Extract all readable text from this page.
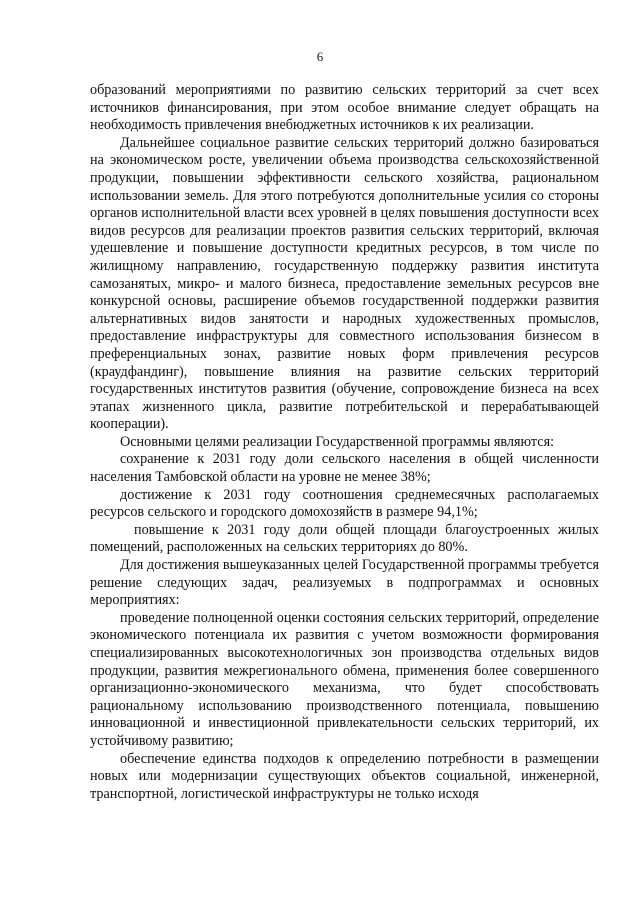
6

образований мероприятиями по развитию сельских территорий за счет всех источников финансирования, при этом особое внимание следует обращать на необходимость привлечения внебюджетных источников к их реализации.

Дальнейшее социальное развитие сельских территорий должно базироваться на экономическом росте, увеличении объема производства сельскохозяйственной продукции, повышении эффективности сельского хозяйства, рациональном использовании земель. Для этого потребуются дополнительные усилия со стороны органов исполнительной власти всех уровней в целях повышения доступности всех видов ресурсов для реализации проектов развития сельских территорий, включая удешевление и повышение доступности кредитных ресурсов, в том числе по жилищному направлению, государственную поддержку развития института самозанятых, микро- и малого бизнеса, предоставление земельных ресурсов вне конкурсной основы, расширение объемов государственной поддержки развития альтернативных видов занятости и народных художественных промыслов, предоставление инфраструктуры для совместного использования бизнесом в преференциальных зонах, развитие новых форм привлечения ресурсов (краудфандинг), повышение влияния на развитие сельских территорий государственных институтов развития (обучение, сопровождение бизнеса на всех этапах жизненного цикла, развитие потребительской и перерабатывающей кооперации).

Основными целями реализации Государственной программы являются:

сохранение к 2031 году доли сельского населения в общей численности населения Тамбовской области на уровне не менее 38%;

достижение к 2031 году соотношения среднемесячных располагаемых ресурсов сельского и городского домохозяйств в размере 94,1%;

повышение к 2031 году доли общей площади благоустроенных жилых помещений, расположенных на сельских территориях до 80%.

Для достижения вышеуказанных целей Государственной программы требуется решение следующих задач, реализуемых в подпрограммах и основных мероприятиях:

проведение полноценной оценки состояния сельских территорий, определение экономического потенциала их развития с учетом возможности формирования специализированных высокотехнологичных зон производства отдельных видов продукции, развития межрегионального обмена, применения более совершенного организационно-экономического механизма, что будет способствовать рациональному использованию производственного потенциала, повышению инновационной и инвестиционной привлекательности сельских территорий, их устойчивому развитию;

обеспечение единства подходов к определению потребности в размещении новых или модернизации существующих объектов социальной, инженерной, транспортной, логистической инфраструктуры не только исходя
